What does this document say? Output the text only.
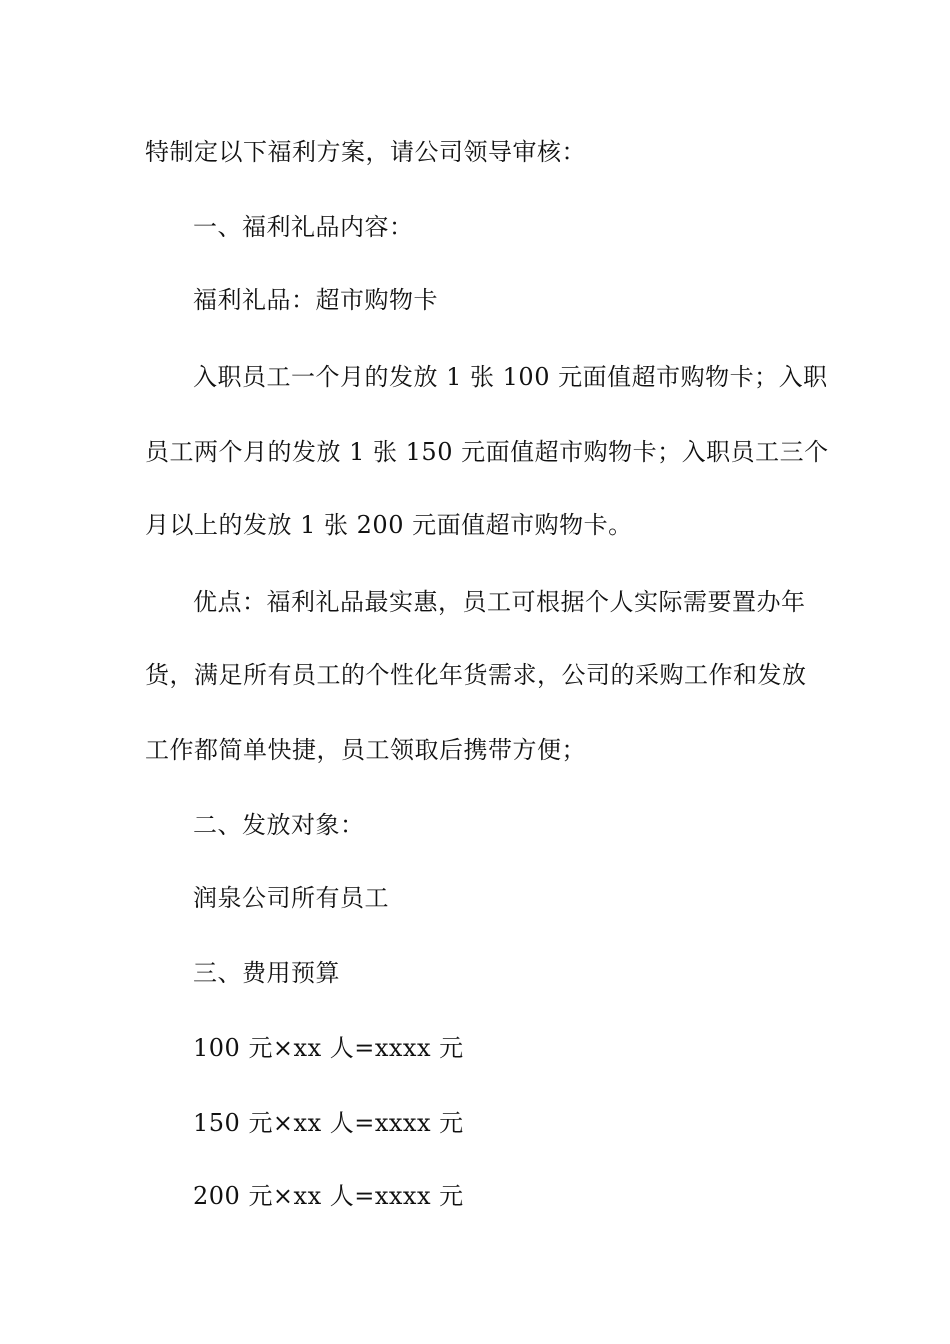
特制定以下福利方案，请公司领导审核：

一、福利礼品内容：

福利礼品：超市购物卡

入职员工一个月的发放 1 张 100 元面值超市购物卡；入职

员工两个月的发放 1 张 150 元面值超市购物卡；入职员工三个

月以上的发放 1 张 200 元面值超市购物卡。

优点：福利礼品最实惠，员工可根据个人实际需要置办年

货，满足所有员工的个性化年货需求，公司的采购工作和发放

工作都简单快捷，员工领取后携带方便；

二、发放对象：

润泉公司所有员工

三、费用预算

100 元×xx 人=xxxx 元

150 元×xx 人=xxxx 元

200 元×xx 人=xxxx 元
